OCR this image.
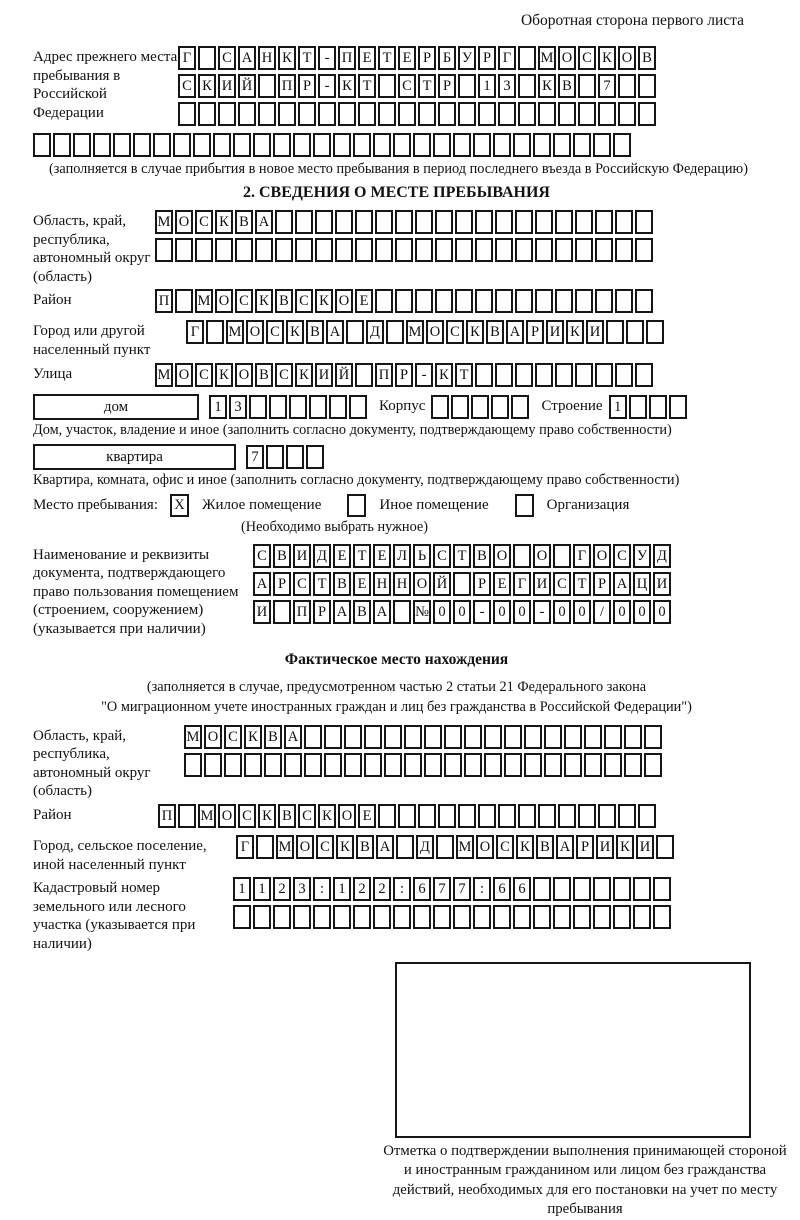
Оборотная сторона первого листа
Адрес прежнего места пребывания в Российской Федерации
Г	С А Н К Т - П Е Т Е Р Б У Р Г	М О С К О В
С К И Й П Р - К Т	С Т Р	1 3	К В	7
(заполняется в случае прибытия в новое место пребывания в период последнего въезда в Российскую Федерацию)
2. СВЕДЕНИЯ О МЕСТЕ ПРЕБЫВАНИЯ
Область, край, республика, автономный округ (область)
М О С К В А
Район	П М О С К В С К О Е
Город или другой населенный пункт
Г	М О С К В А Д М О С К В А Р И К И
Улица	М О С К О В С К И Й П Р - К Т
дом	1 3	Корпус	Строение 1
Дом, участок, владение и иное (заполнить согласно документу, подтверждающему право собственности)
квартира	7
Квартира, комната, офис и иное (заполнить согласно документу, подтверждающему право собственности)
Место пребывания: X Жилое помещение	Иное помещение	Организация
(Необходимо выбрать нужное)
Наименование и реквизиты документа, подтверждающего право пользования помещением (строением, сооружением) (указывается при наличии)
С В И Д Е Т Е Л Ь С Т В О О	Г О С У Д
А Р С Т В Е Н Н О Й	Р Е Г И С Т Р А Ц И
И П Р А В А № 0 0 - 0 0 - 0 0 / 0 0 0
Фактическое место нахождения
(заполняется в случае, предусмотренном частью 2 статьи 21 Федерального закона
"О миграционном учете иностранных граждан и лиц без гражданства в Российской Федерации")
Область, край, республика, автономный округ (область)
М О С К В А
Район	П М О С К В С К О Е
Город, сельское поселение, иной населенный пункт
Г	М О С К В А Д М О С К В А Р И К И
Кадастровый номер земельного или лесного участка (указывается при наличии)
1 1 2 3 : 1 2 2 : 6 7 7 : 6 6
Отметка о подтверждении выполнения принимающей стороной и иностранным гражданином или лицом без гражданства действий, необходимых для его постановки на учет по месту пребывания
